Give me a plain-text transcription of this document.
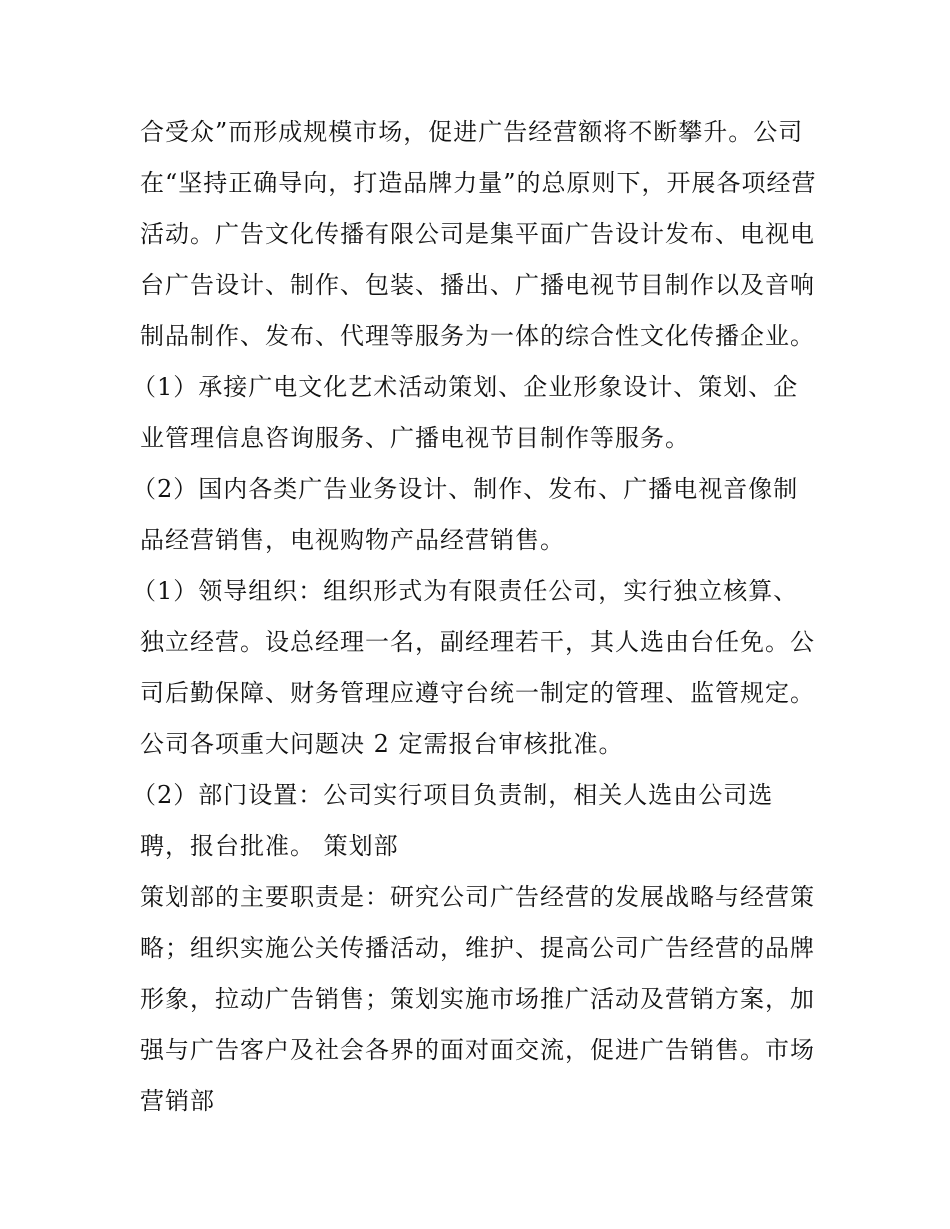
合受众”而形成规模市场，促进广告经营额将不断攀升。公司
在“坚持正确导向，打造品牌力量”的总原则下，开展各项经营
活动。广告文化传播有限公司是集平面广告设计发布、电视电
台广告设计、制作、包装、播出、广播电视节目制作以及音响
制品制作、发布、代理等服务为一体的综合性文化传播企业。
（1）承接广电文化艺术活动策划、企业形象设计、策划、企
业管理信息咨询服务、广播电视节目制作等服务。
（2）国内各类广告业务设计、制作、发布、广播电视音像制
品经营销售，电视购物产品经营销售。
（1）领导组织：组织形式为有限责任公司，实行独立核算、
独立经营。设总经理一名，副经理若干，其人选由台任免。公
司后勤保障、财务管理应遵守台统一制定的管理、监管规定。
公司各项重大问题决 2 定需报台审核批准。
（2）部门设置：公司实行项目负责制，相关人选由公司选
聘，报台批准。 策划部
策划部的主要职责是：研究公司广告经营的发展战略与经营策
略；组织实施公关传播活动，维护、提高公司广告经营的品牌
形象，拉动广告销售；策划实施市场推广活动及营销方案，加
强与广告客户及社会各界的面对面交流，促进广告销售。市场
营销部
